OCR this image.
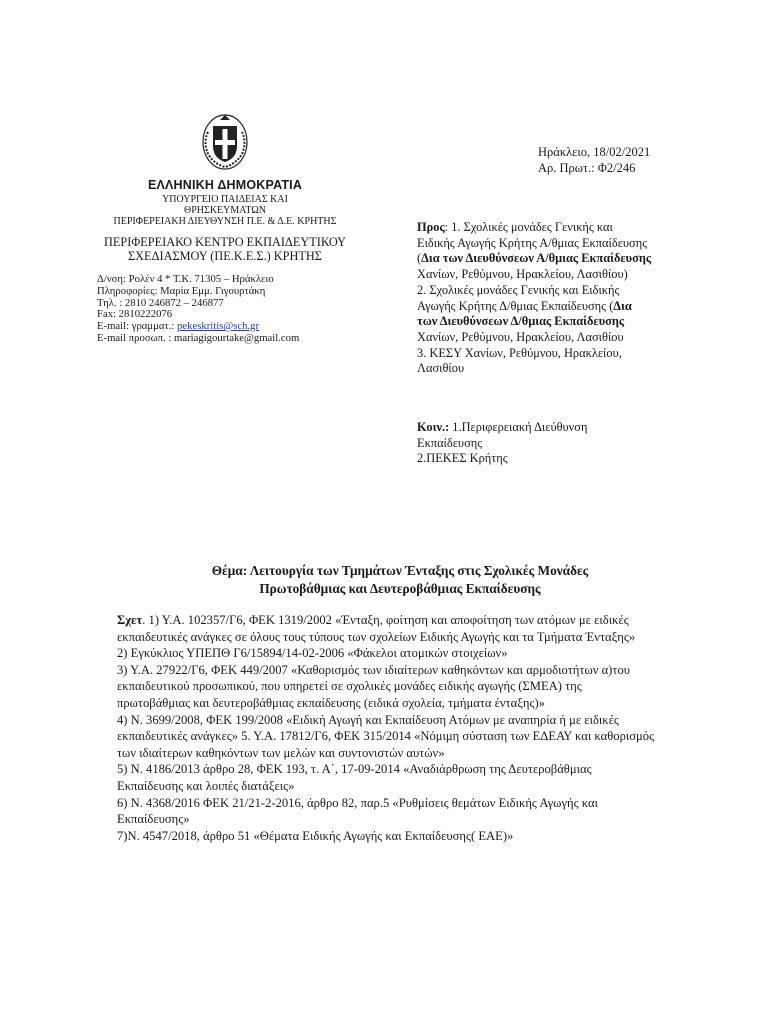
ΕΛΛΗΝΙΚΗ ΔΗΜΟΚΡΑΤΙΑ
ΥΠΟΥΡΓΕΙΟ ΠΑΙΔΕΙΑΣ ΚΑΙ
ΘΡΗΣΚΕΥΜΑΤΩΝ
ΠΕΡΙΦΕΡΕΙΑΚΗ ΔΙΕΥΘΥΝΣΗ Π.Ε. & Δ.Ε. ΚΡΗΤΗΣ
ΠΕΡΙΦΕΡΕΙΑΚΟ ΚΕΝΤΡΟ ΕΚΠΑΙΔΕΥΤΙΚΟΥ
ΣΧΕΔΙΑΣΜΟΥ (ΠΕ.Κ.Ε.Σ.) ΚΡΗΤΗΣ
Δ/νση: Ρολέν 4 * Τ.Κ. 71305 – Ηράκλειο
Πληροφορίες: Μαρία Εμμ. Γιγουρτάκη
Τηλ. : 2810 246872 – 246877
Fax: 2810222076
E-mail: γραμματ.: pekeskritis@sch.gr
E-mail προσωπ. : mariagigourtake@gmail.com
Ηράκλειο, 18/02/2021
Αρ. Πρωτ.: Φ2/246
Προς: 1. Σχολικές μονάδες Γενικής και Ειδικής Αγωγής Κρήτης Α/θμιας Εκπαίδευσης (Δια των Διευθύνσεων Α/θμιας Εκπαίδευσης Χανίων, Ρεθύμνου, Ηρακλείου, Λασιθίου)
2. Σχολικές μονάδες Γενικής και Ειδικής Αγωγής Κρήτης Δ/θμιας Εκπαίδευσης (Δια των Διευθύνσεων Δ/θμιας Εκπαίδευσης Χανίων, Ρεθύμνου, Ηρακλείου, Λασιθίου
3. ΚΕΣΥ Χανίων, Ρεθύμνου, Ηρακλείου, Λασιθίου
Κοιν.: 1.Περιφερειακή Διεύθυνση Εκπαίδευσης
2.ΠΕΚΕΣ Κρήτης
Θέμα: Λειτουργία των Τμημάτων Ένταξης στις Σχολικές Μονάδες
Πρωτοβάθμιας και Δευτεροβάθμιας Εκπαίδευσης

Σχετ. 1) Υ.Α. 102357/Γ6, ΦΕΚ 1319/2002 «Ένταξη, φοίτηση και αποφοίτηση των ατόμων με ειδικές εκπαιδευτικές ανάγκες σε όλους τους τύπους των σχολείων Ειδικής Αγωγής και τα Τμήματα Ένταξης»

2) Εγκύκλιος ΥΠΕΠΘ Γ6/15894/14-02-2006 «Φάκελοι ατομικών στοιχείων»

3) Υ.Α. 27922/Γ6, ΦΕΚ 449/2007 «Καθορισμός των ιδιαίτερων καθηκόντων και αρμοδιοτήτων α)του εκπαιδευτικού προσωπικού, που υπηρετεί σε σχολικές μονάδες ειδικής αγωγής (ΣΜΕΑ) της πρωτοβάθμιας και δευτεροβάθμιας εκπαίδευσης (ειδικά σχολεία, τμήματα ένταξης)»

4) Ν. 3699/2008, ΦΕΚ 199/2008 «Ειδική Αγωγή και Εκπαίδευση Ατόμων με αναπηρία ή με ειδικές εκπαιδευτικές ανάγκες» 5. Υ.Α. 17812/Γ6, ΦΕΚ 315/2014 «Νόμιμη σύσταση των ΕΔΕΑΥ και καθορισμός των ιδιαίτερων καθηκόντων των μελών και συντονιστών αυτών»

5) Ν. 4186/2013 άρθρο 28, ΦΕΚ 193, τ. Α΄, 17-09-2014 «Αναδιάρθρωση της Δευτεροβάθμιας Εκπαίδευσης και λοιπές διατάξεις»

6) Ν. 4368/2016 ΦΕΚ 21/21-2-2016, άρθρο 82, παρ.5 «Ρυθμίσεις θεμάτων Ειδικής Αγωγής και Εκπαίδευσης»

7)Ν. 4547/2018, άρθρο 51 «Θέματα Ειδικής Αγωγής και Εκπαίδευσης( ΕΑΕ)»
